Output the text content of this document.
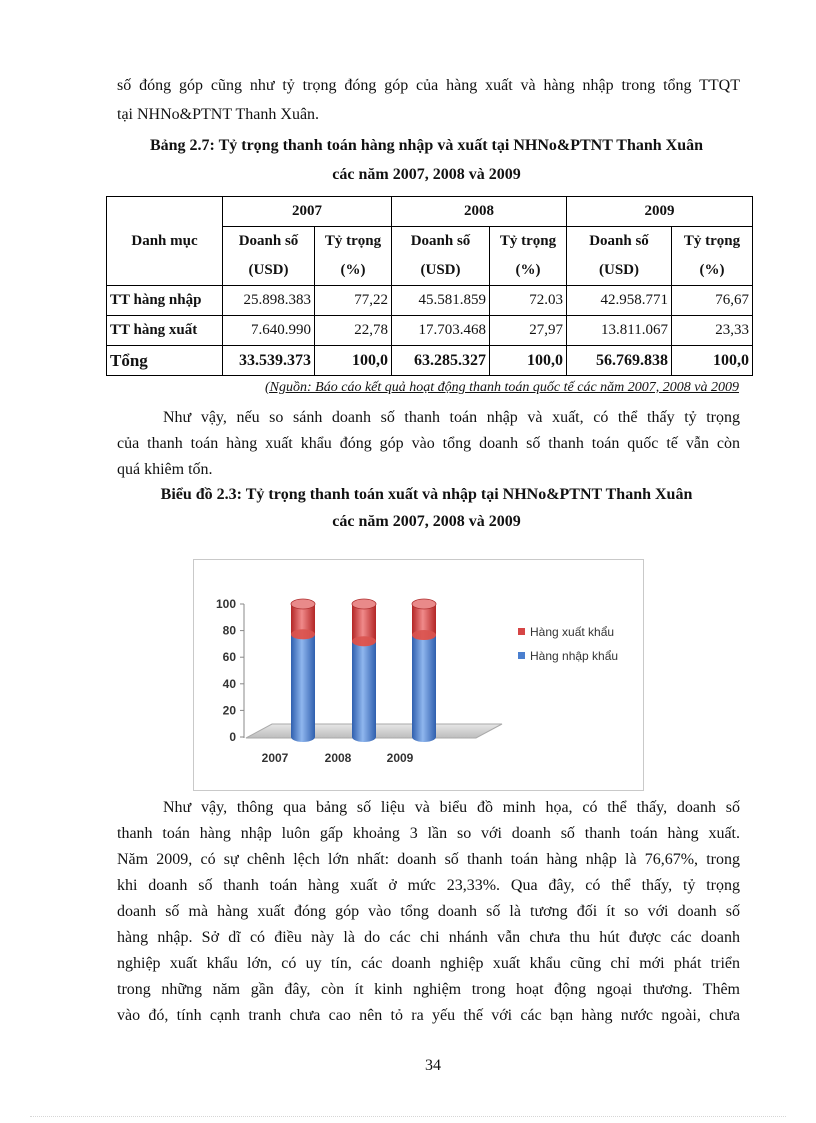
số đóng góp cũng như tỷ trọng đóng góp của hàng xuất và hàng nhập trong tổng TTQT
tại NHNo&PTNT Thanh Xuân.
Bảng 2.7: Tỷ trọng thanh toán hàng nhập và xuất tại NHNo&PTNT Thanh Xuân
các năm 2007, 2008 và 2009
	2007		2008		2009	
Danh mục	Doanh số	Tỷ trọng	Doanh số	Tỷ trọng	Doanh số	Tỷ trọng
	(USD)	(%)	(USD)	(%)	(USD)	(%)
TT hàng nhập	25.898.383	77,22	45.581.859	72.03	42.958.771	76,67
TT hàng xuất	7.640.990	22,78	17.703.468	27,97	13.811.067	23,33
Tổng	33.539.373	100,0	63.285.327	100,0	56.769.838	100,0
(Nguồn: Báo cáo kết quả hoạt động thanh toán quốc tế các năm 2007, 2008 và 2009
Như vậy, nếu so sánh doanh số thanh toán nhập và xuất, có thể thấy tỷ trọng
của thanh toán hàng xuất khẩu đóng góp vào tổng doanh số thanh toán quốc tế vẫn còn
quá khiêm tốn.
Biểu đồ 2.3: Tỷ trọng thanh toán xuất và nhập tại NHNo&PTNT Thanh Xuân
các năm 2007, 2008 và 2009
0
20
40
60
80
100
2007	2008	2009
Hàng xuất khẩu
Hàng nhập khẩu
Như vậy, thông qua bảng số liệu và biểu đồ minh họa, có thể thấy, doanh số
thanh toán hàng nhập luôn gấp khoảng 3 lần so với doanh số thanh toán hàng xuất.
Năm 2009, có sự chênh lệch lớn nhất: doanh số thanh toán hàng nhập là 76,67%, trong
khi doanh số thanh toán hàng xuất ở mức 23,33%. Qua đây, có thể thấy, tỷ trọng
doanh số mà hàng xuất đóng góp vào tổng doanh số là tương đối ít so với doanh số
hàng nhập. Sở dĩ có điều này là do các chi nhánh vẫn chưa thu hút được các doanh
nghiệp xuất khẩu lớn, có uy tín, các doanh nghiệp xuất khẩu cũng chỉ mới phát triển
trong những năm gần đây, còn ít kinh nghiệm trong hoạt động ngoại thương. Thêm
vào đó, tính cạnh tranh chưa cao nên tỏ ra yếu thế với các bạn hàng nước ngoài, chưa
34
